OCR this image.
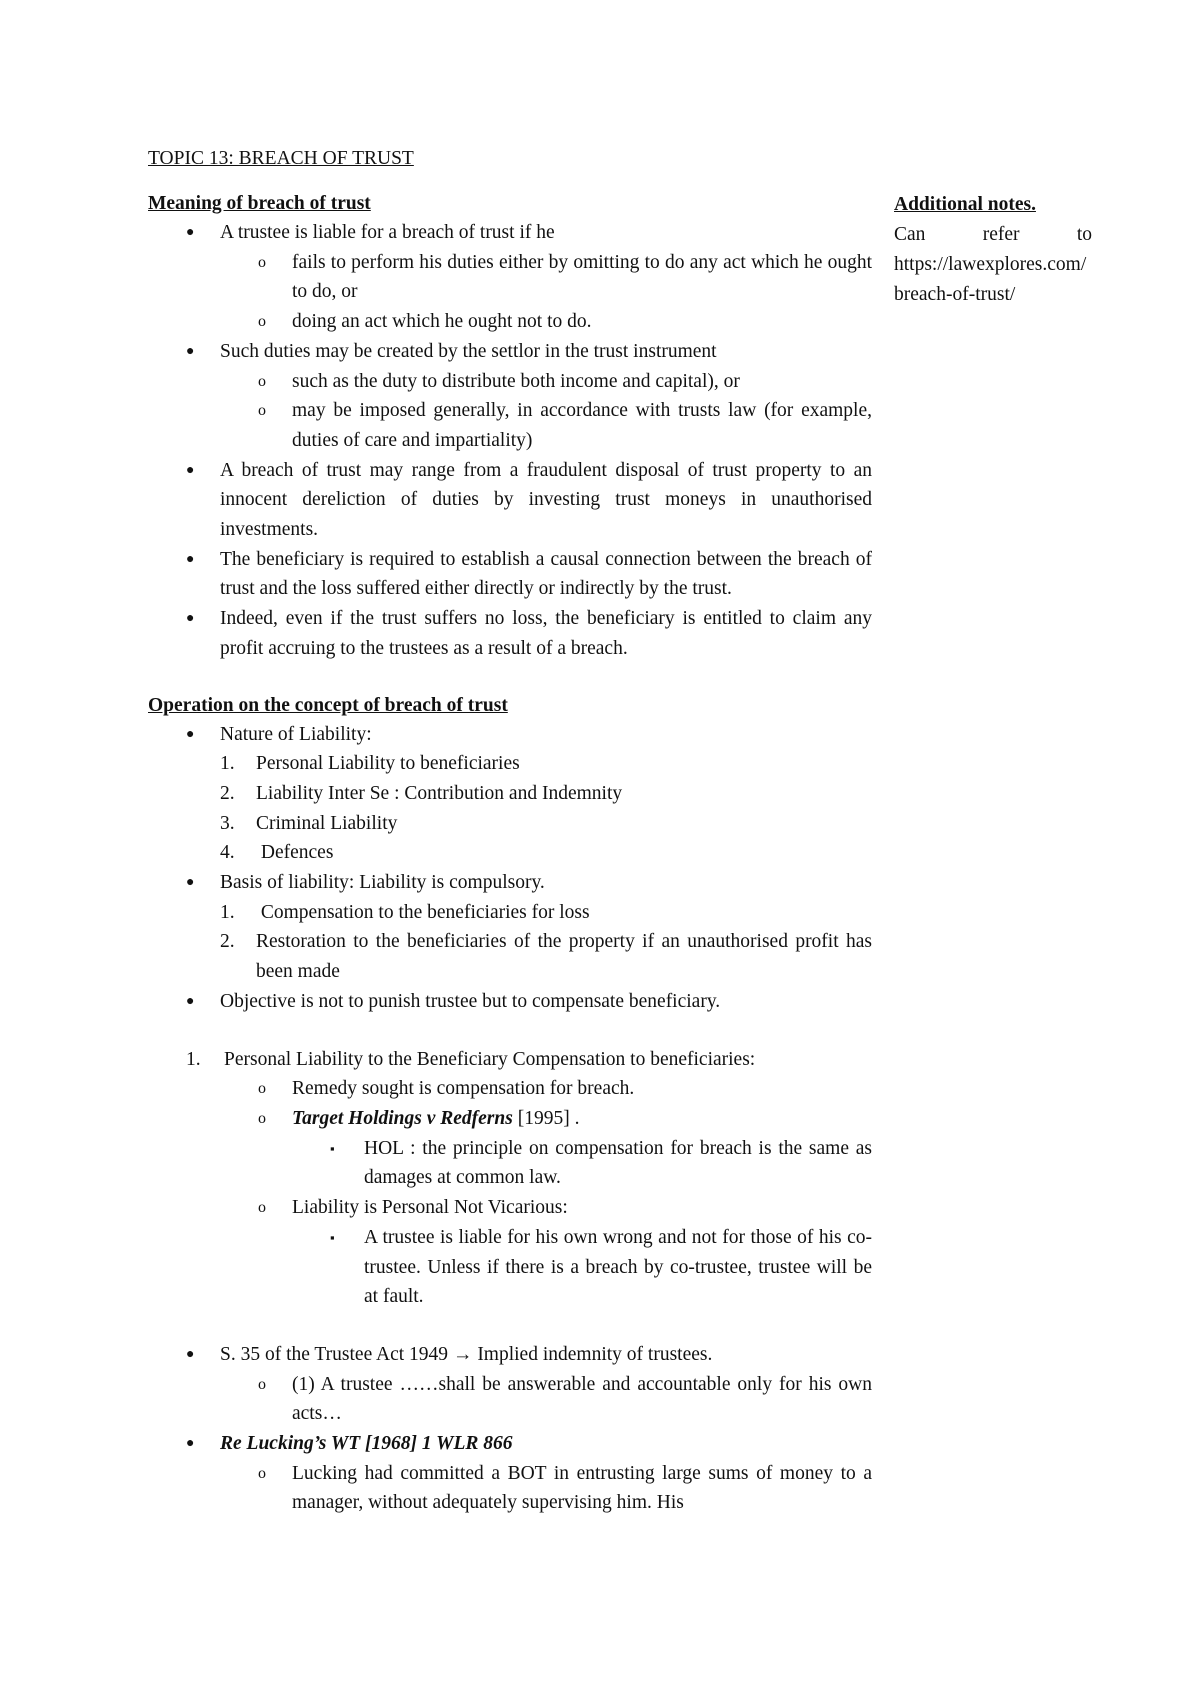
TOPIC 13: BREACH OF TRUST

Meaning of breach of trust
● A trustee is liable for a breach of trust if he
o fails to perform his duties either by omitting to do any act which he ought to do, or
o doing an act which he ought not to do.
● Such duties may be created by the settlor in the trust instrument
o such as the duty to distribute both income and capital), or
o may be imposed generally, in accordance with trusts law (for example, duties of care and impartiality)
● A breach of trust may range from a fraudulent disposal of trust property to an innocent dereliction of duties by investing trust moneys in unauthorised investments.
● The beneficiary is required to establish a causal connection between the breach of trust and the loss suffered either directly or indirectly by the trust.
● Indeed, even if the trust suffers no loss, the beneficiary is entitled to claim any profit accruing to the trustees as a result of a breach.
Operation on the concept of breach of trust
● Nature of Liability:
1. Personal Liability to beneficiaries
2. Liability Inter Se : Contribution and Indemnity
3. Criminal Liability
4. Defences
● Basis of liability: Liability is compulsory.
1. Compensation to the beneficiaries for loss
2. Restoration to the beneficiaries of the property if an unauthorised profit has been made
● Objective is not to punish trustee but to compensate beneficiary.
1. Personal Liability to the Beneficiary Compensation to beneficiaries:
o Remedy sought is compensation for breach.
o Target Holdings v Redferns [1995] .
▪ HOL : the principle on compensation for breach is the same as damages at common law.
o Liability is Personal Not Vicarious:
▪ A trustee is liable for his own wrong and not for those of his co-trustee. Unless if there is a breach by co-trustee, trustee will be at fault.
● S. 35 of the Trustee Act 1949 → Implied indemnity of trustees.
o (1) A trustee ……shall be answerable and accountable only for his own acts…
● Re Lucking’s WT [1968] 1 WLR 866
o Lucking had committed a BOT in entrusting large sums of money to a manager, without adequately supervising him. His
Additional notes.
Can	refer	to
https://lawexplores.com/breach-of-trust/
